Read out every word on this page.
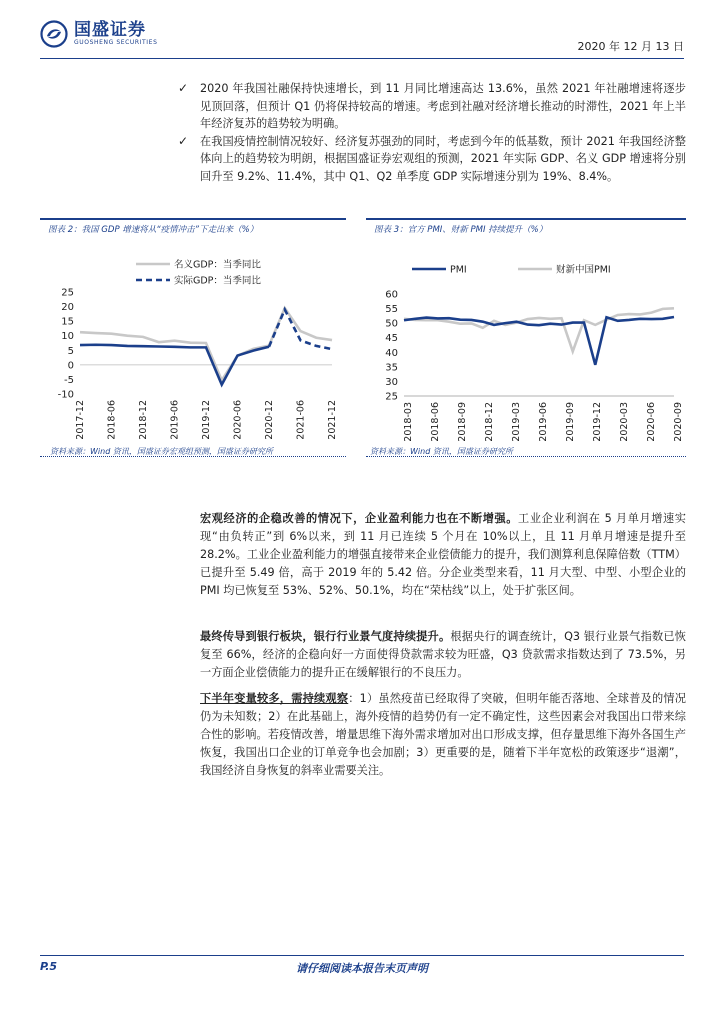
国盛证券
GUOSHENG SECURITIES	2020 年 12 月 13 日
✓ 2020 年我国社融保持快速增长，到 11 月同比增速高达 13.6%，虽然 2021 年社融增速将逐步见顶回落，但预计 Q1 仍将保持较高的增速。考虑到社融对经济增长推动的时滞性，2021 年上半年经济复苏的趋势较为明确。

✓ 在我国疫情控制情况较好、经济复苏强劲的同时，考虑到今年的低基数，预计 2021 年我国经济整体向上的趋势较为明朗，根据国盛证券宏观组的预测，2021 年实际 GDP、名义 GDP 增速将分别回升至 9.2%、11.4%，其中 Q1、Q2 单季度 GDP 实际增速分别为 19%、8.4%。

图表 2：我国 GDP 增速将从“疫情冲击”下走出来（%）
-10
-5
0
5
10
15
20
25
2017-12 2018-06 2018-12 2019-06 2019-12 2020-06 2020-12 2021-06 2021-12
名义GDP：当季同比
实际GDP：当季同比
资料来源：Wind 资讯，国盛证券宏观组预测，国盛证券研究所
图表 3：官方 PMI、财新 PMI 持续提升（%）
25
30
35
40
45
50
55
60
2018-03 2018-06 2018-09 2018-12 2019-03 2019-06 2019-09 2019-12 2020-03 2020-06 2020-09
PMI	财新中国PMI
资料来源：Wind 资讯，国盛证券研究所

宏观经济的企稳改善的情况下，企业盈利能力也在不断增强。工业企业利润在 5 月单月增速实现“由负转正”到 6%以来，到 11 月已连续 5 个月在 10%以上，且 11 月单月增速是提升至 28.2%。工业企业盈利能力的增强直接带来企业偿债能力的提升，我们测算利息保障倍数（TTM）已提升至 5.49 倍，高于 2019 年的 5.42 倍。分企业类型来看，11 月大型、中型、小型企业的 PMI 均已恢复至 53%、52%、50.1%，均在“荣枯线”以上，处于扩张区间。

最终传导到银行板块，银行行业景气度持续提升。根据央行的调查统计，Q3 银行业景气指数已恢复至 66%，经济的企稳向好一方面使得贷款需求较为旺盛，Q3 贷款需求指数达到了 73.5%，另一方面企业偿债能力的提升正在缓解银行的不良压力。

下半年变量较多，需持续观察：1）虽然疫苗已经取得了突破，但明年能否落地、全球普及的情况仍为未知数；2）在此基础上，海外疫情的趋势仍有一定不确定性，这些因素会对我国出口带来综合性的影响。若疫情改善，增量思维下海外需求增加对出口形成支撑，但存量思维下海外各国生产恢复，我国出口企业的订单竞争也会加剧；3）更重要的是，随着下半年宽松的政策逐步“退潮”，我国经济自身恢复的斜率业需要关注。

P.5	请仔细阅读本报告末页声明
